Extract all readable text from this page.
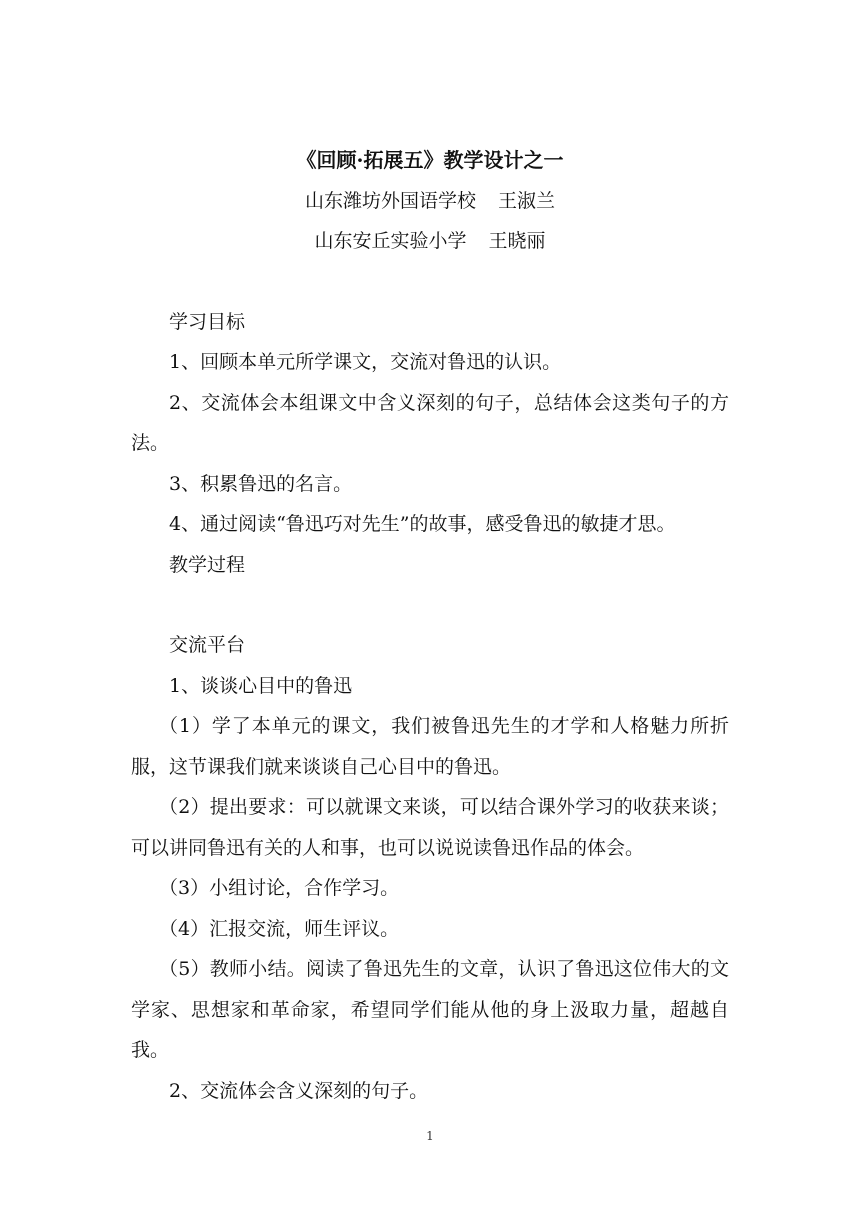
《回顾·拓展五》教学设计之一
山东潍坊外国语学校 王淑兰
山东安丘实验小学 王晓丽

学习目标

1、回顾本单元所学课文，交流对鲁迅的认识。

2、交流体会本组课文中含义深刻的句子，总结体会这类句子的方法。

3、积累鲁迅的名言。

4、通过阅读“鲁迅巧对先生”的故事，感受鲁迅的敏捷才思。

教学过程

交流平台

1、谈谈心目中的鲁迅

（1）学了本单元的课文，我们被鲁迅先生的才学和人格魅力所折服，这节课我们就来谈谈自己心目中的鲁迅。

（2）提出要求：可以就课文来谈，可以结合课外学习的收获来谈；可以讲同鲁迅有关的人和事，也可以说说读鲁迅作品的体会。

（3）小组讨论，合作学习。

（4）汇报交流，师生评议。

（5）教师小结。阅读了鲁迅先生的文章，认识了鲁迅这位伟大的文学家、思想家和革命家，希望同学们能从他的身上汲取力量，超越自我。

2、交流体会含义深刻的句子。

1
